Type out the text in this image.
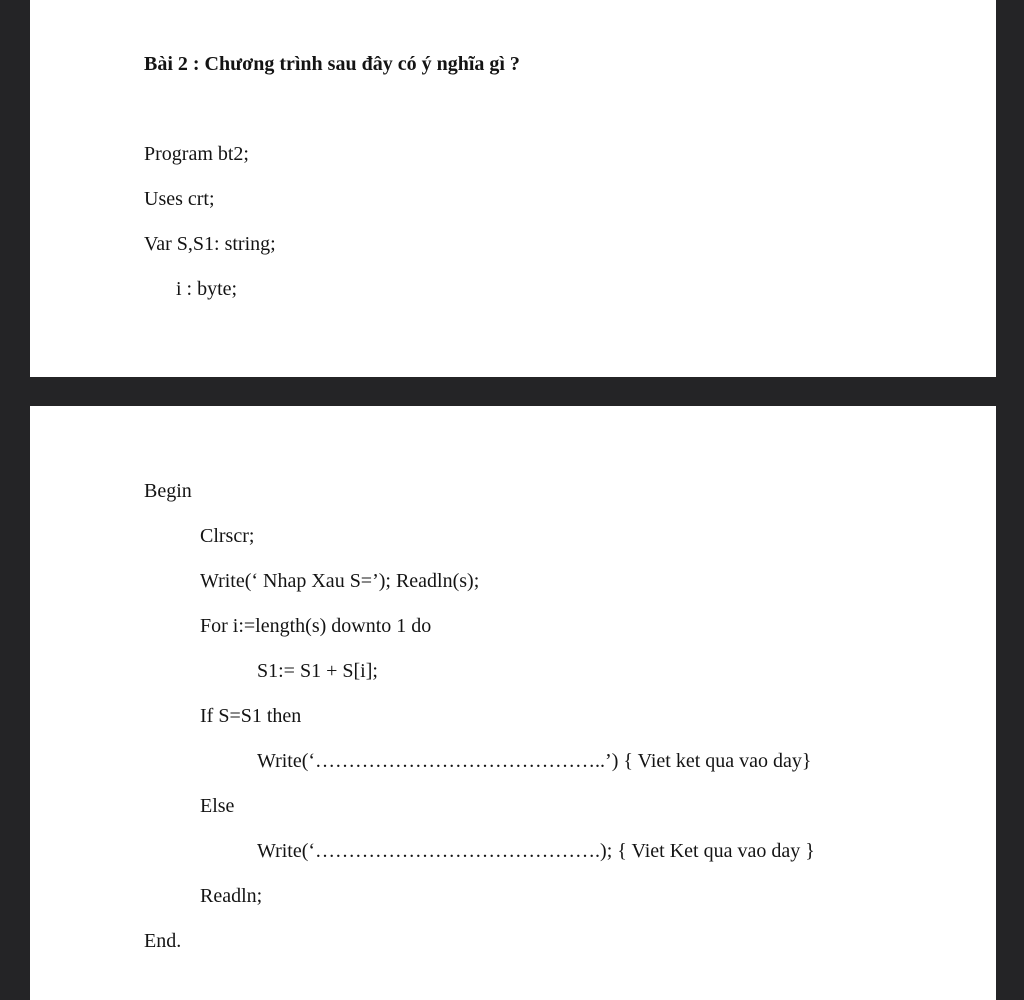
Bài 2 : Chương trình sau đây có ý nghĩa gì ?
Program bt2;
Uses crt;
Var S,S1: string;
i : byte;
Begin
Clrscr;
Write(‘ Nhap Xau S=’); Readln(s);
For i:=length(s) downto 1 do
S1:= S1 + S[i];
If S=S1 then
Write(‘……………………………………..’) { Viet ket qua vao day}
Else
Write(‘…………………………………….); { Viet Ket qua vao day }
Readln;
End.
